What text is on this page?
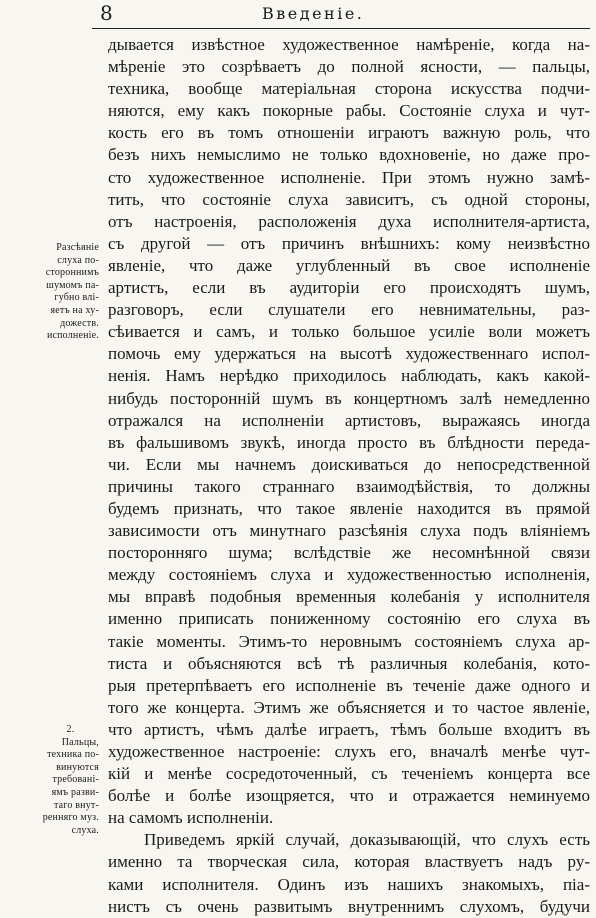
8	Введеніе.
Разсѣяніе
слуха по-
стороннимъ
шумомъ па-
губно влі-
яетъ на ху-
дожеств.
исполненіе.
2.
Пальцы,
техника по-
винуются
требовані-
ямъ разви-
таго внут-
ренняго муз.
слуха.
дывается извѣстное художественное намѣреніе, когда на-
мѣреніе это созрѣваетъ до полной ясности, — пальцы,
техника, вообще матеріальная сторона искусства подчи-
няются, ему какъ покорные рабы. Состояніе слуха и чут-
кость его въ томъ отношеніи играютъ важную роль, что
безъ нихъ немыслимо не только вдохновеніе, но даже про-
сто художественное исполненіе. При этомъ нужно замѣ-
тить, что состояніе слуха зависитъ, съ одной стороны,
отъ настроенія, расположенія духа исполнителя-артиста,
съ другой — отъ причинъ внѣшнихъ: кому неизвѣстно
явленіе, что даже углубленный въ свое исполненіе
артистъ, если въ аудиторіи его происходятъ шумъ,
разговоръ, если слушатели его невнимательны, раз-
сѣивается и самъ, и только большое усиліе воли можетъ
помочь ему удержаться на высотѣ художественнаго испол-
ненія. Намъ нерѣдко приходилось наблюдать, какъ какой-
нибудь посторонній шумъ въ концертномъ залѣ немедленно
отражался на исполненіи артистовъ, выражаясь иногда
въ фальшивомъ звукѣ, иногда просто въ блѣдности переда-
чи. Если мы начнемъ доискиваться до непосредственной
причины такого страннаго взаимодѣйствія, то должны
будемъ признать, что такое явленіе находится въ прямой
зависимости отъ минутнаго разсѣянія слуха подъ вліяніемъ
посторонняго шума; вслѣдствіе же несомнѣнной связи
между состояніемъ слуха и художественностью исполненія,
мы вправѣ подобныя временныя колебанія у исполнителя
именно приписать пониженному состоянію его слуха въ
такіе моменты. Этимъ-то неровнымъ состояніемъ слуха ар-
тиста и объясняются всѣ тѣ различныя колебанія, кото-
рыя претерпѣваетъ его исполненіе въ теченіе даже одного и
того же концерта. Этимъ же объясняется и то частое явленіе,
что артистъ, чѣмъ далѣе играетъ, тѣмъ больше входитъ въ
художественное настроеніе: слухъ его, вначалѣ менѣе чут-
кій и менѣе сосредоточенный, съ теченіемъ концерта все
болѣе и болѣе изощряется, что и отражается неминуемо
на самомъ исполненіи.
Приведемъ яркій случай, доказывающій, что слухъ есть
именно та творческая сила, которая властвуетъ надъ ру-
ками исполнителя. Одинъ изъ нашихъ знакомыхъ, піа-
нистъ съ очень развитымъ внутреннимъ слухомъ, будучи
